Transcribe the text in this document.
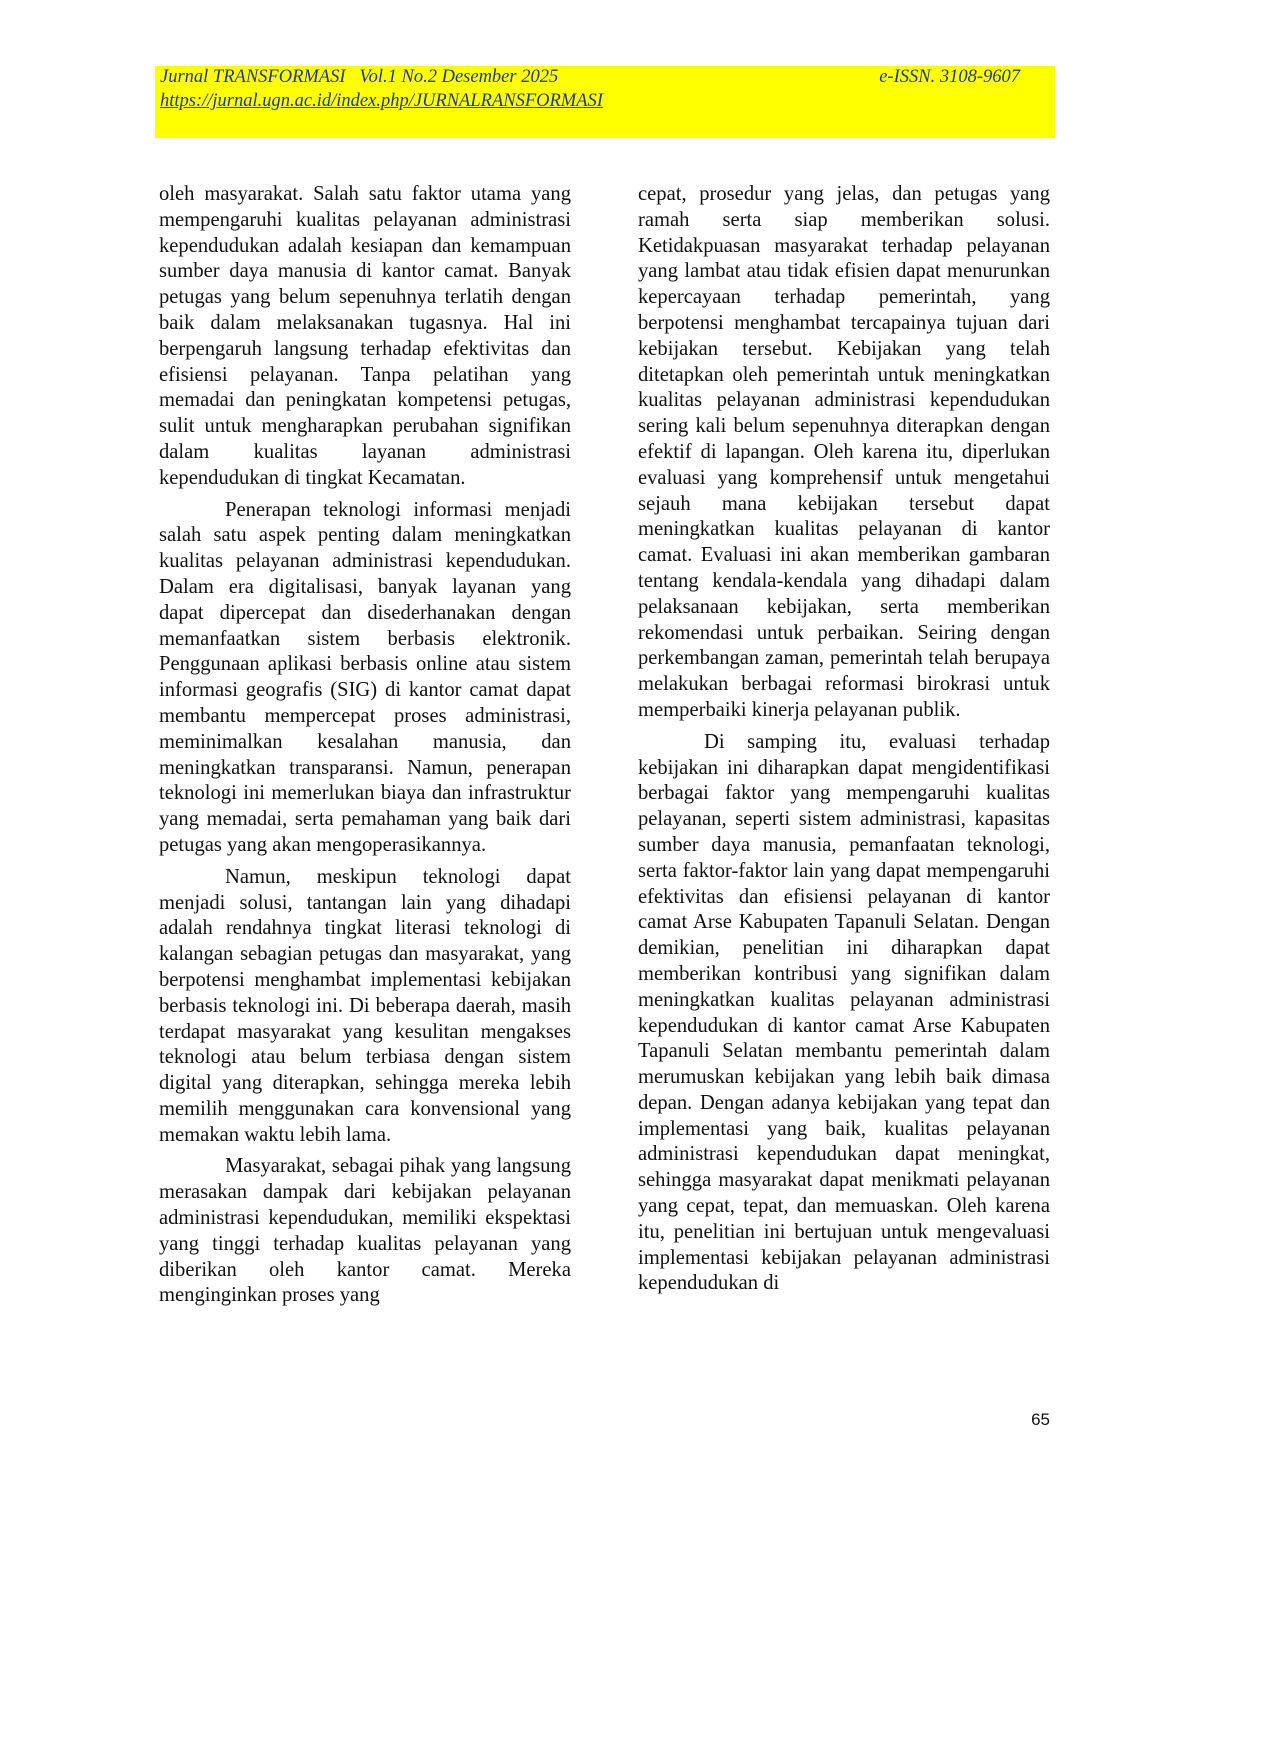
Jurnal TRANSFORMASI   Vol.1 No.2 Desember 2025	e-ISSN. 3108-9607
https://jurnal.ugn.ac.id/index.php/JURNALRANSFORMASI

oleh masyarakat. Salah satu faktor utama yang mempengaruhi kualitas pelayanan administrasi kependudukan adalah kesiapan dan kemampuan sumber daya manusia di kantor camat. Banyak petugas yang belum sepenuhnya terlatih dengan baik dalam melaksanakan tugasnya. Hal ini berpengaruh langsung terhadap efektivitas dan efisiensi pelayanan. Tanpa pelatihan yang memadai dan peningkatan kompetensi petugas, sulit untuk mengharapkan perubahan signifikan dalam kualitas layanan administrasi kependudukan di tingkat Kecamatan.

Penerapan teknologi informasi menjadi salah satu aspek penting dalam meningkatkan kualitas pelayanan administrasi kependudukan. Dalam era digitalisasi, banyak layanan yang dapat dipercepat dan disederhanakan dengan memanfaatkan sistem berbasis elektronik. Penggunaan aplikasi berbasis online atau sistem informasi geografis (SIG) di kantor camat dapat membantu mempercepat proses administrasi, meminimalkan kesalahan manusia, dan meningkatkan transparansi. Namun, penerapan teknologi ini memerlukan biaya dan infrastruktur yang memadai, serta pemahaman yang baik dari petugas yang akan mengoperasikannya.

Namun, meskipun teknologi dapat menjadi solusi, tantangan lain yang dihadapi adalah rendahnya tingkat literasi teknologi di kalangan sebagian petugas dan masyarakat, yang berpotensi menghambat implementasi kebijakan berbasis teknologi ini. Di beberapa daerah, masih terdapat masyarakat yang kesulitan mengakses teknologi atau belum terbiasa dengan sistem digital yang diterapkan, sehingga mereka lebih memilih menggunakan cara konvensional yang memakan waktu lebih lama.

Masyarakat, sebagai pihak yang langsung merasakan dampak dari kebijakan pelayanan administrasi kependudukan, memiliki ekspektasi yang tinggi terhadap kualitas pelayanan yang diberikan oleh kantor camat. Mereka menginginkan proses yang

cepat, prosedur yang jelas, dan petugas yang ramah serta siap memberikan solusi. Ketidakpuasan masyarakat terhadap pelayanan yang lambat atau tidak efisien dapat menurunkan kepercayaan terhadap pemerintah, yang berpotensi menghambat tercapainya tujuan dari kebijakan tersebut. Kebijakan yang telah ditetapkan oleh pemerintah untuk meningkatkan kualitas pelayanan administrasi kependudukan sering kali belum sepenuhnya diterapkan dengan efektif di lapangan. Oleh karena itu, diperlukan evaluasi yang komprehensif untuk mengetahui sejauh mana kebijakan tersebut dapat meningkatkan kualitas pelayanan di kantor camat. Evaluasi ini akan memberikan gambaran tentang kendala-kendala yang dihadapi dalam pelaksanaan kebijakan, serta memberikan rekomendasi untuk perbaikan. Seiring dengan perkembangan zaman, pemerintah telah berupaya melakukan berbagai reformasi birokrasi untuk memperbaiki kinerja pelayanan publik.

Di samping itu, evaluasi terhadap kebijakan ini diharapkan dapat mengidentifikasi berbagai faktor yang mempengaruhi kualitas pelayanan, seperti sistem administrasi, kapasitas sumber daya manusia, pemanfaatan teknologi, serta faktor-faktor lain yang dapat mempengaruhi efektivitas dan efisiensi pelayanan di kantor camat Arse Kabupaten Tapanuli Selatan. Dengan demikian, penelitian ini diharapkan dapat memberikan kontribusi yang signifikan dalam meningkatkan kualitas pelayanan administrasi kependudukan di kantor camat Arse Kabupaten Tapanuli Selatan membantu pemerintah dalam merumuskan kebijakan yang lebih baik dimasa depan. Dengan adanya kebijakan yang tepat dan implementasi yang baik, kualitas pelayanan administrasi kependudukan dapat meningkat, sehingga masyarakat dapat menikmati pelayanan yang cepat, tepat, dan memuaskan. Oleh karena itu, penelitian ini bertujuan untuk mengevaluasi implementasi kebijakan pelayanan administrasi kependudukan di

65
